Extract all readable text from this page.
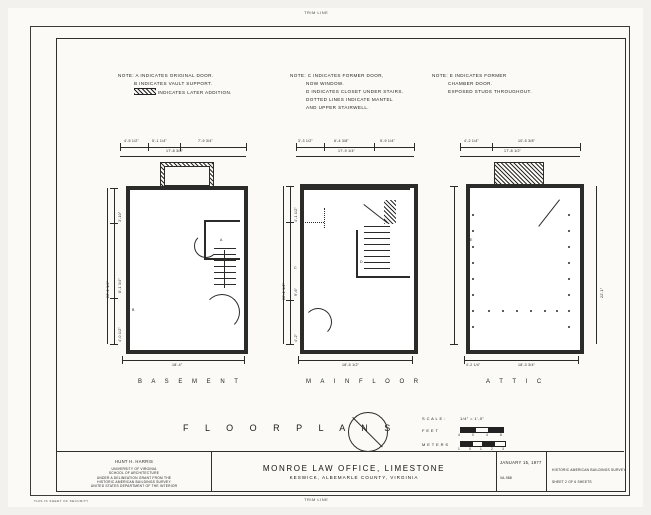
TRIM LINE
TRIM LINE
THIS IS SHEET OF SECURITY
NOTE: A INDICATES ORIGINAL DOOR.
B INDICATES VAULT SUPPORT.
INDICATES LATER ADDITION.
NOTE: C INDICATES FORMER DOOR,
NOW WINDOW.
D INDICATES CLOSET UNDER STAIRS.
DOTTED LINES INDICATE MANTEL
AND UPPER STAIRWELL.
NOTE: E INDICATES FORMER
CHAMBER DOOR.
EXPOSED STUDS THROUGHOUT.
4'-5 1/2"	5'-1 1/4"	7'-9 3/4"
17'-8 3/8"
3'-10"
8'-1 3/4"
4'-0 1/2"
22'-1 1/4"
A
B
18'-4"
B A S E M E N T
3'-3 1/2"	6'-4 3/8"	5'-9 1/4"
17'-9 1/4"
4'-1 1/2"
9'-6"
4'-2"
22'-2 1/2"
C
D
18'-5 1/2"
M A I N F L O O R
4'-2 1/4"	10'-5 3/8"
17'-8 1/2"
22'-1"
E
4'-2 1/4"	18'-3 3/4"
A T T I C
F L O O R P L A N S
S C A L E :	1/4" = 1'-0"
F E E T
4	0	4	8
M E T E R S
1	0	1	2	3
HUNT H. HARRIS
UNIVERSITY OF VIRGINIA
SCHOOL OF ARCHITECTURE
UNDER A DELINEATION GRANT FROM THE
HISTORIC AMERICAN BUILDINGS SURVEY
UNITED STATES DEPARTMENT OF THE INTERIOR
MONROE LAW OFFICE, LIMESTONE
KESWICK, ALBEMARLE COUNTY, VIRGINIA
JANUARY 15, 1977
HISTORIC AMERICAN BUILDINGS SURVEY
VA-988
SHEET 2 OF 6 SHEETS
